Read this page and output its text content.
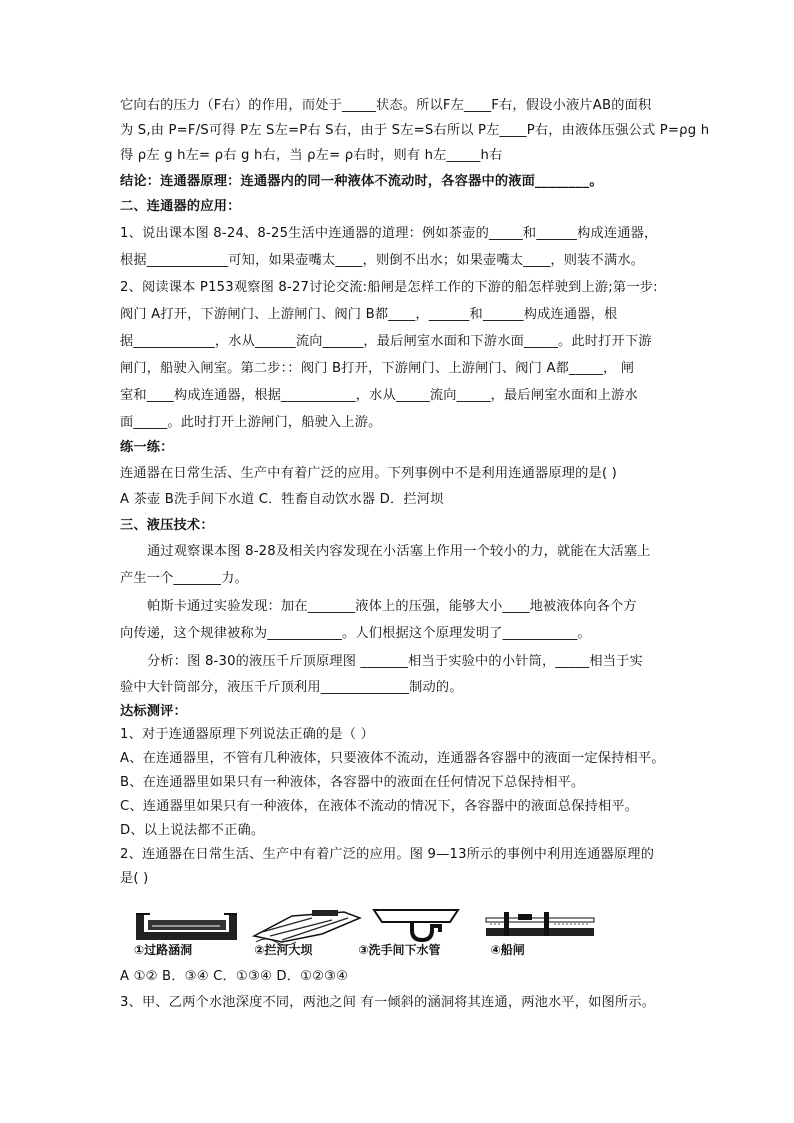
它向右的压力（F右）的作用，而处于_____状态。所以F左____F右，假设小液片AB的面积
为 S,由 P=F/S可得 P左 S左=P右 S右，由于 S左=S右所以 P左____P右，由液体压强公式 P=ρg h
得 ρ左 g h左= ρ右 g h右，当 ρ左= ρ右时，则有 h左_____h右
结论：连通器原理：连通器内的同一种液体不流动时，各容器中的液面________。
二、连通器的应用：
1、说出课本图 8-24、8-25生活中连通器的道理：例如茶壶的_____和______构成连通器，
根据____________可知，如果壶嘴太____，则倒不出水；如果壶嘴太____，则装不满水。
2、阅读课本 P153观察图 8-27讨论交流:船闸是怎样工作的下游的船怎样驶到上游;第一步:
阀门 A打开，下游闸门、上游闸门、阀门 B都____，______和______构成连通器，根
据____________，水从______流向______，最后闸室水面和下游水面_____。此时打开下游
闸门，船驶入闸室。第二步：：阀门 B打开，下游闸门、上游闸门、阀门 A都_____， 闸
室和____构成连通器，根据___________，水从_____流向_____，最后闸室水面和上游水
面_____。此时打开上游闸门，船驶入上游。
练一练：
连通器在日常生活、生产中有着广泛的应用。下列事例中不是利用连通器原理的是( )
A 茶壶 B洗手间下水道 C．牲畜自动饮水器 D．拦河坝
三、液压技术：
通过观察课本图 8-28及相关内容发现在小活塞上作用一个较小的力，就能在大活塞上
产生一个_______力。
帕斯卡通过实验发现：加在_______液体上的压强，能够大小____地被液体向各个方
向传递，这个规律被称为___________。人们根据这个原理发明了___________。
分析：图 8-30的液压千斤顶原理图 _______相当于实验中的小针筒，_____相当于实
验中大针筒部分，液压千斤顶利用_____________制动的。
达标测评：
1、对于连通器原理下列说法正确的是（ ）
A、在连通器里，不管有几种液体，只要液体不流动，连通器各容器中的液面一定保持相平。
B、在连通器里如果只有一种液体，各容器中的液面在任何情况下总保持相平。
C、连通器里如果只有一种液体，在液体不流动的情况下，各容器中的液面总保持相平。
D、以上说法都不正确。
2、连通器在日常生活、生产中有着广泛的应用。图 9—13所示的事例中利用连通器原理的
是( )
①过路涵洞	②拦河大坝	③洗手间下水管	④船闸
A ①② B．③④ C．①③④ D．①②③④
3、甲、乙两个水池深度不同，两池之间 有一倾斜的涵洞将其连通，两池水平，如图所示。
